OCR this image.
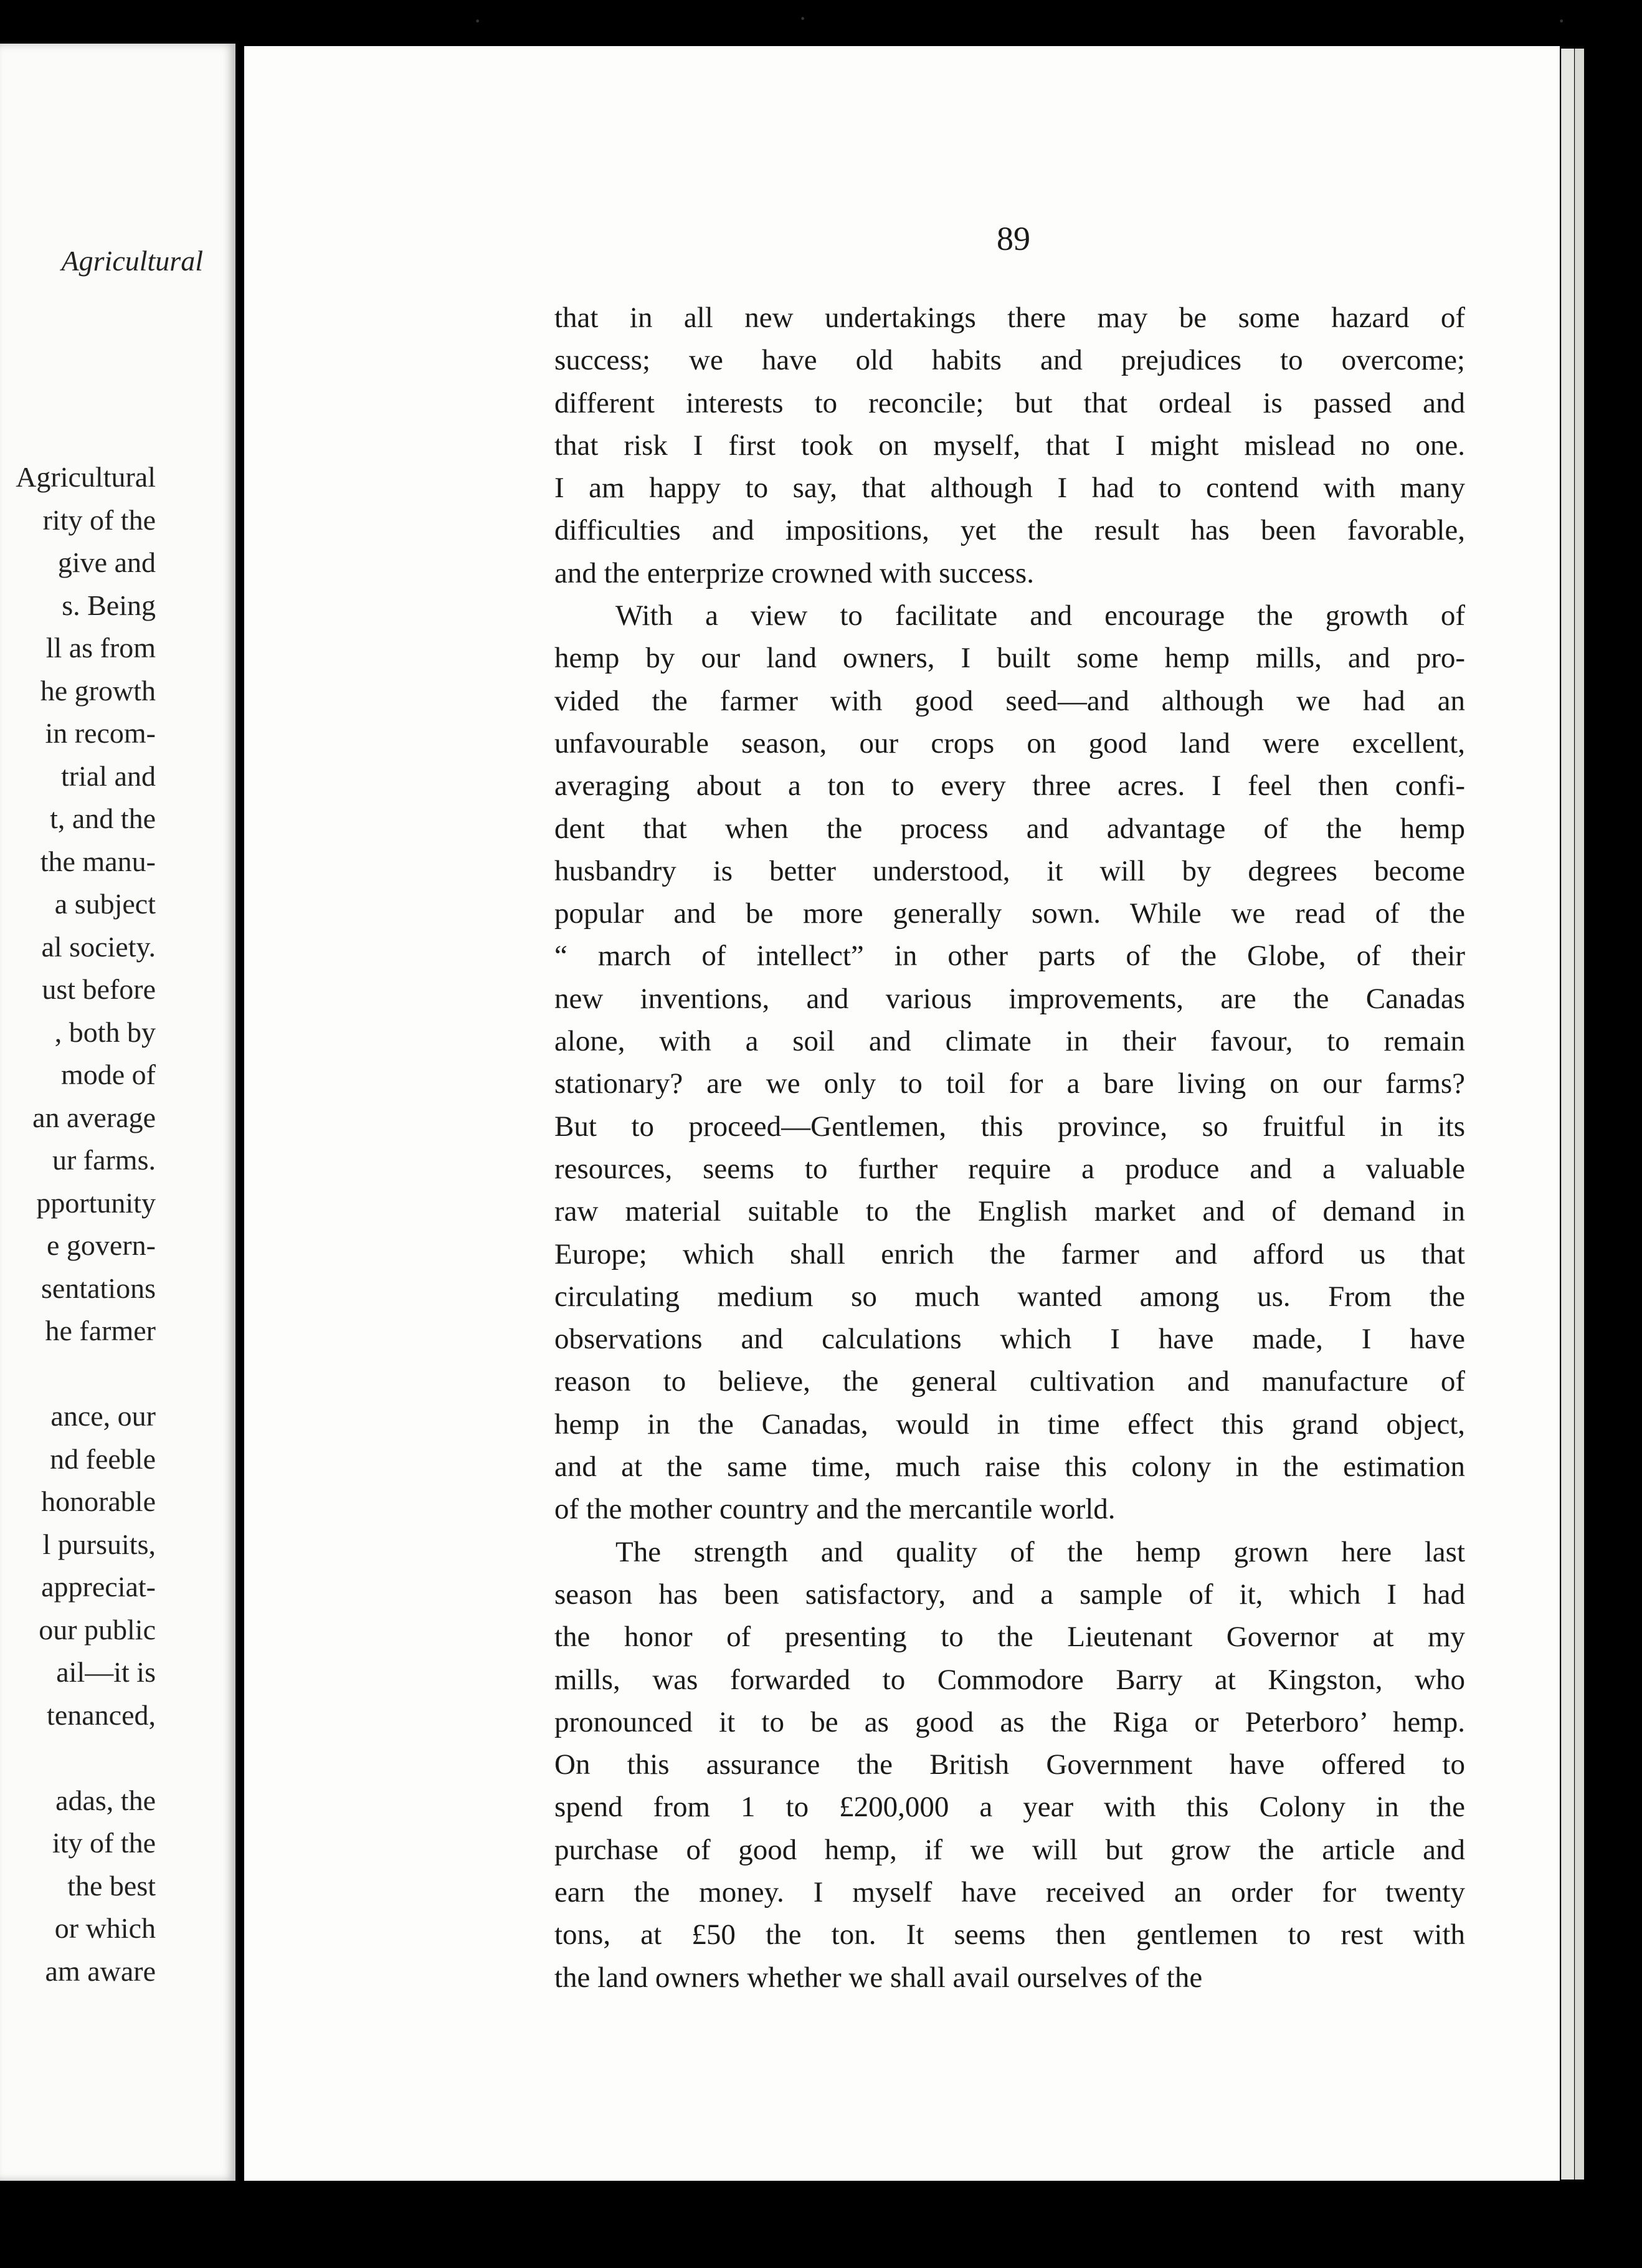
Agricultural
Agricultural
rity of the
give and
s. Being
ll as from
he growth
in recom-
trial and
t, and the
the manu-
a subject
al society.
ust before
, both by
mode of
an average
ur farms.
pportunity
e govern-
sentations
he farmer
ance, our
nd feeble
honorable
l pursuits,
appreciat-
our public
ail—it is
tenanced,
adas, the
ity of the
the best
or which
am aware
89
that in all new undertakings there may be some hazard of
success; we have old habits and prejudices to overcome;
different interests to reconcile; but that ordeal is passed and
that risk I first took on myself, that I might mislead no one.
I am happy to say, that although I had to contend with many
difficulties and impositions, yet the result has been favorable,
and the enterprize crowned with success.
With a view to facilitate and encourage the growth of
hemp by our land owners, I built some hemp mills, and pro-
vided the farmer with good seed—and although we had an
unfavourable season, our crops on good land were excellent,
averaging about a ton to every three acres. I feel then confi-
dent that when the process and advantage of the hemp
husbandry is better understood, it will by degrees become
popular and be more generally sown. While we read of the
“ march of intellect” in other parts of the Globe, of their
new inventions, and various improvements, are the Canadas
alone, with a soil and climate in their favour, to remain
stationary? are we only to toil for a bare living on our farms?
But to proceed—Gentlemen, this province, so fruitful in its
resources, seems to further require a produce and a valuable
raw material suitable to the English market and of demand in
Europe; which shall enrich the farmer and afford us that
circulating medium so much wanted among us. From the
observations and calculations which I have made, I have
reason to believe, the general cultivation and manufacture of
hemp in the Canadas, would in time effect this grand object,
and at the same time, much raise this colony in the estimation
of the mother country and the mercantile world.
The strength and quality of the hemp grown here last
season has been satisfactory, and a sample of it, which I had
the honor of presenting to the Lieutenant Governor at my
mills, was forwarded to Commodore Barry at Kingston, who
pronounced it to be as good as the Riga or Peterboro’ hemp.
On this assurance the British Government have offered to
spend from 1 to £200,000 a year with this Colony in the
purchase of good hemp, if we will but grow the article and
earn the money. I myself have received an order for twenty
tons, at £50 the ton. It seems then gentlemen to rest with
the land owners whether we shall avail ourselves of the
·	·	·
